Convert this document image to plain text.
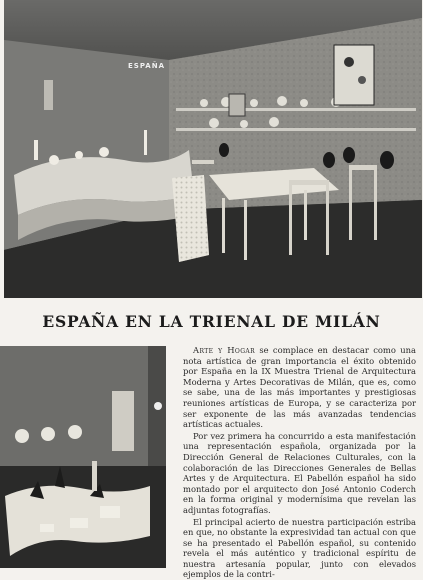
ESPAÑA
ESPAÑA EN LA TRIENAL DE MILÁN

Arte y Hogar se complace en destacar como una nota artística de gran importancia el éxito obtenido por España en la IX Muestra Trienal de Arquitectura Moderna y Artes Decorativas de Milán, que es, como se sabe, una de las más importantes y prestigiosas reuniones artísticas de Europa, y se caracteriza por ser exponente de las más avanzadas tendencias artísticas actuales.

Por vez primera ha concurrido a esta manifestación una representación española, organizada por la Dirección General de Relaciones Culturales, con la colaboración de las Direcciones Generales de Bellas Artes y de Arquitectura. El Pabellón español ha sido montado por el arquitecto don José Antonio Coderch en la forma original y modernísima que revelan las adjuntas fotografías.

El principal acierto de nuestra participación estriba en que, no obstante la expresividad tan actual con que se ha presentado el Pabellón español, su contenido revela el más auténtico y tradicional espíritu de nuestra artesanía popular, junto con elevados ejemplos de la contri-
